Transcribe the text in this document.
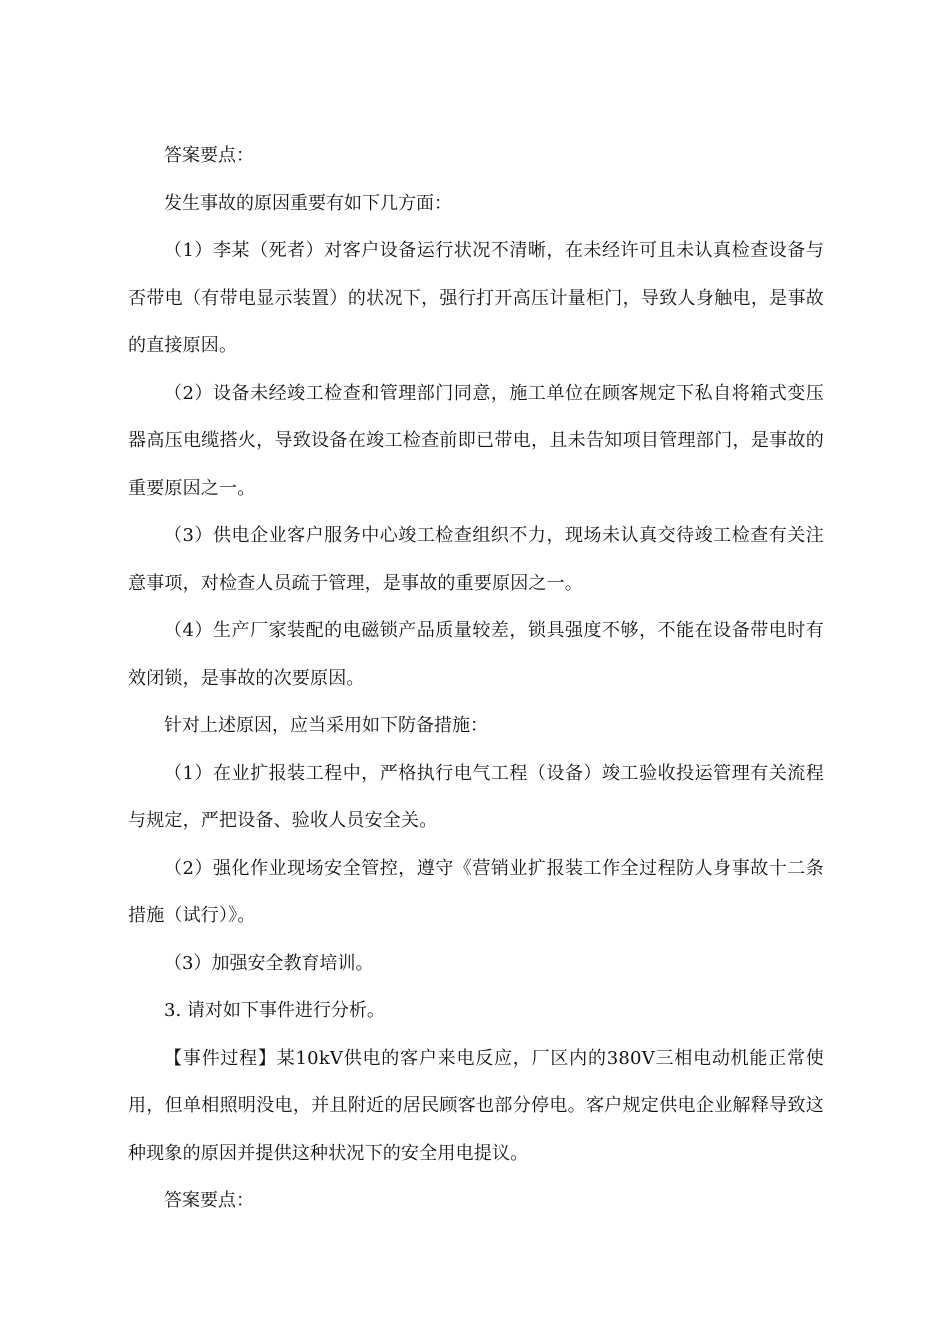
答案要点：

发生事故的原因重要有如下几方面：

（1）李某（死者）对客户设备运行状况不清晰，在未经许可且未认真检查设备与否带电（有带电显示装置）的状况下，强行打开高压计量柜门，导致人身触电，是事故的直接原因。

（2）设备未经竣工检查和管理部门同意，施工单位在顾客规定下私自将箱式变压器高压电缆搭火，导致设备在竣工检查前即已带电，且未告知项目管理部门，是事故的重要原因之一。

（3）供电企业客户服务中心竣工检查组织不力，现场未认真交待竣工检查有关注意事项，对检查人员疏于管理，是事故的重要原因之一。

（4）生产厂家装配的电磁锁产品质量较差，锁具强度不够，不能在设备带电时有效闭锁，是事故的次要原因。

针对上述原因，应当采用如下防备措施：

（1）在业扩报装工程中，严格执行电气工程（设备）竣工验收投运管理有关流程与规定，严把设备、验收人员安全关。

（2）强化作业现场安全管控，遵守《营销业扩报装工作全过程防人身事故十二条措施（试行）》。

（3）加强安全教育培训。

3. 请对如下事件进行分析。

【事件过程】某10kV供电的客户来电反应，厂区内的380V三相电动机能正常使用，但单相照明没电，并且附近的居民顾客也部分停电。客户规定供电企业解释导致这种现象的原因并提供这种状况下的安全用电提议。

答案要点：
